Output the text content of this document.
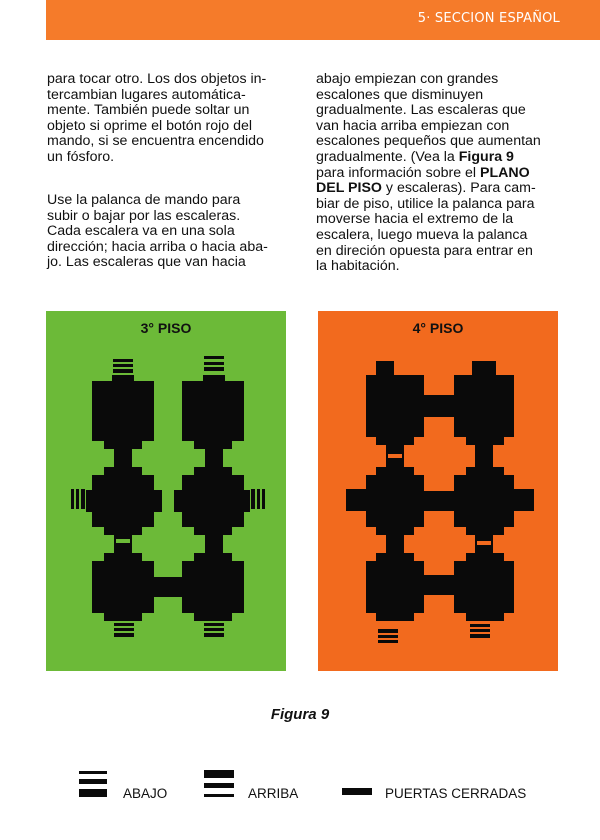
5· SECCION ESPAÑOL

para tocar otro. Los dos objetos in-
tercambian lugares automática-
mente. También puede soltar un
objeto si oprime el botón rojo del
mando, si se encuentra encendido
un fósforo.

Use la palanca de mando para
subir o bajar por las escaleras.
Cada escalera va en una sola
dirección; hacia arriba o hacia aba-
jo. Las escaleras que van hacia

abajo empiezan con grandes
escalones que disminuyen
gradualmente. Las escaleras que
van hacia arriba empiezan con
escalones pequeños que aumentan
gradualmente. (Vea la Figura 9
para información sobre el PLANO
DEL PISO y escaleras). Para cam-
biar de piso, utilice la palanca para
moverse hacia el extremo de la
escalera, luego mueva la palanca
en direción opuesta para entrar en
la habitación.

3° PISO	4° PISO
Figura 9
ABAJO	ARRIBA	PUERTAS CERRADAS
